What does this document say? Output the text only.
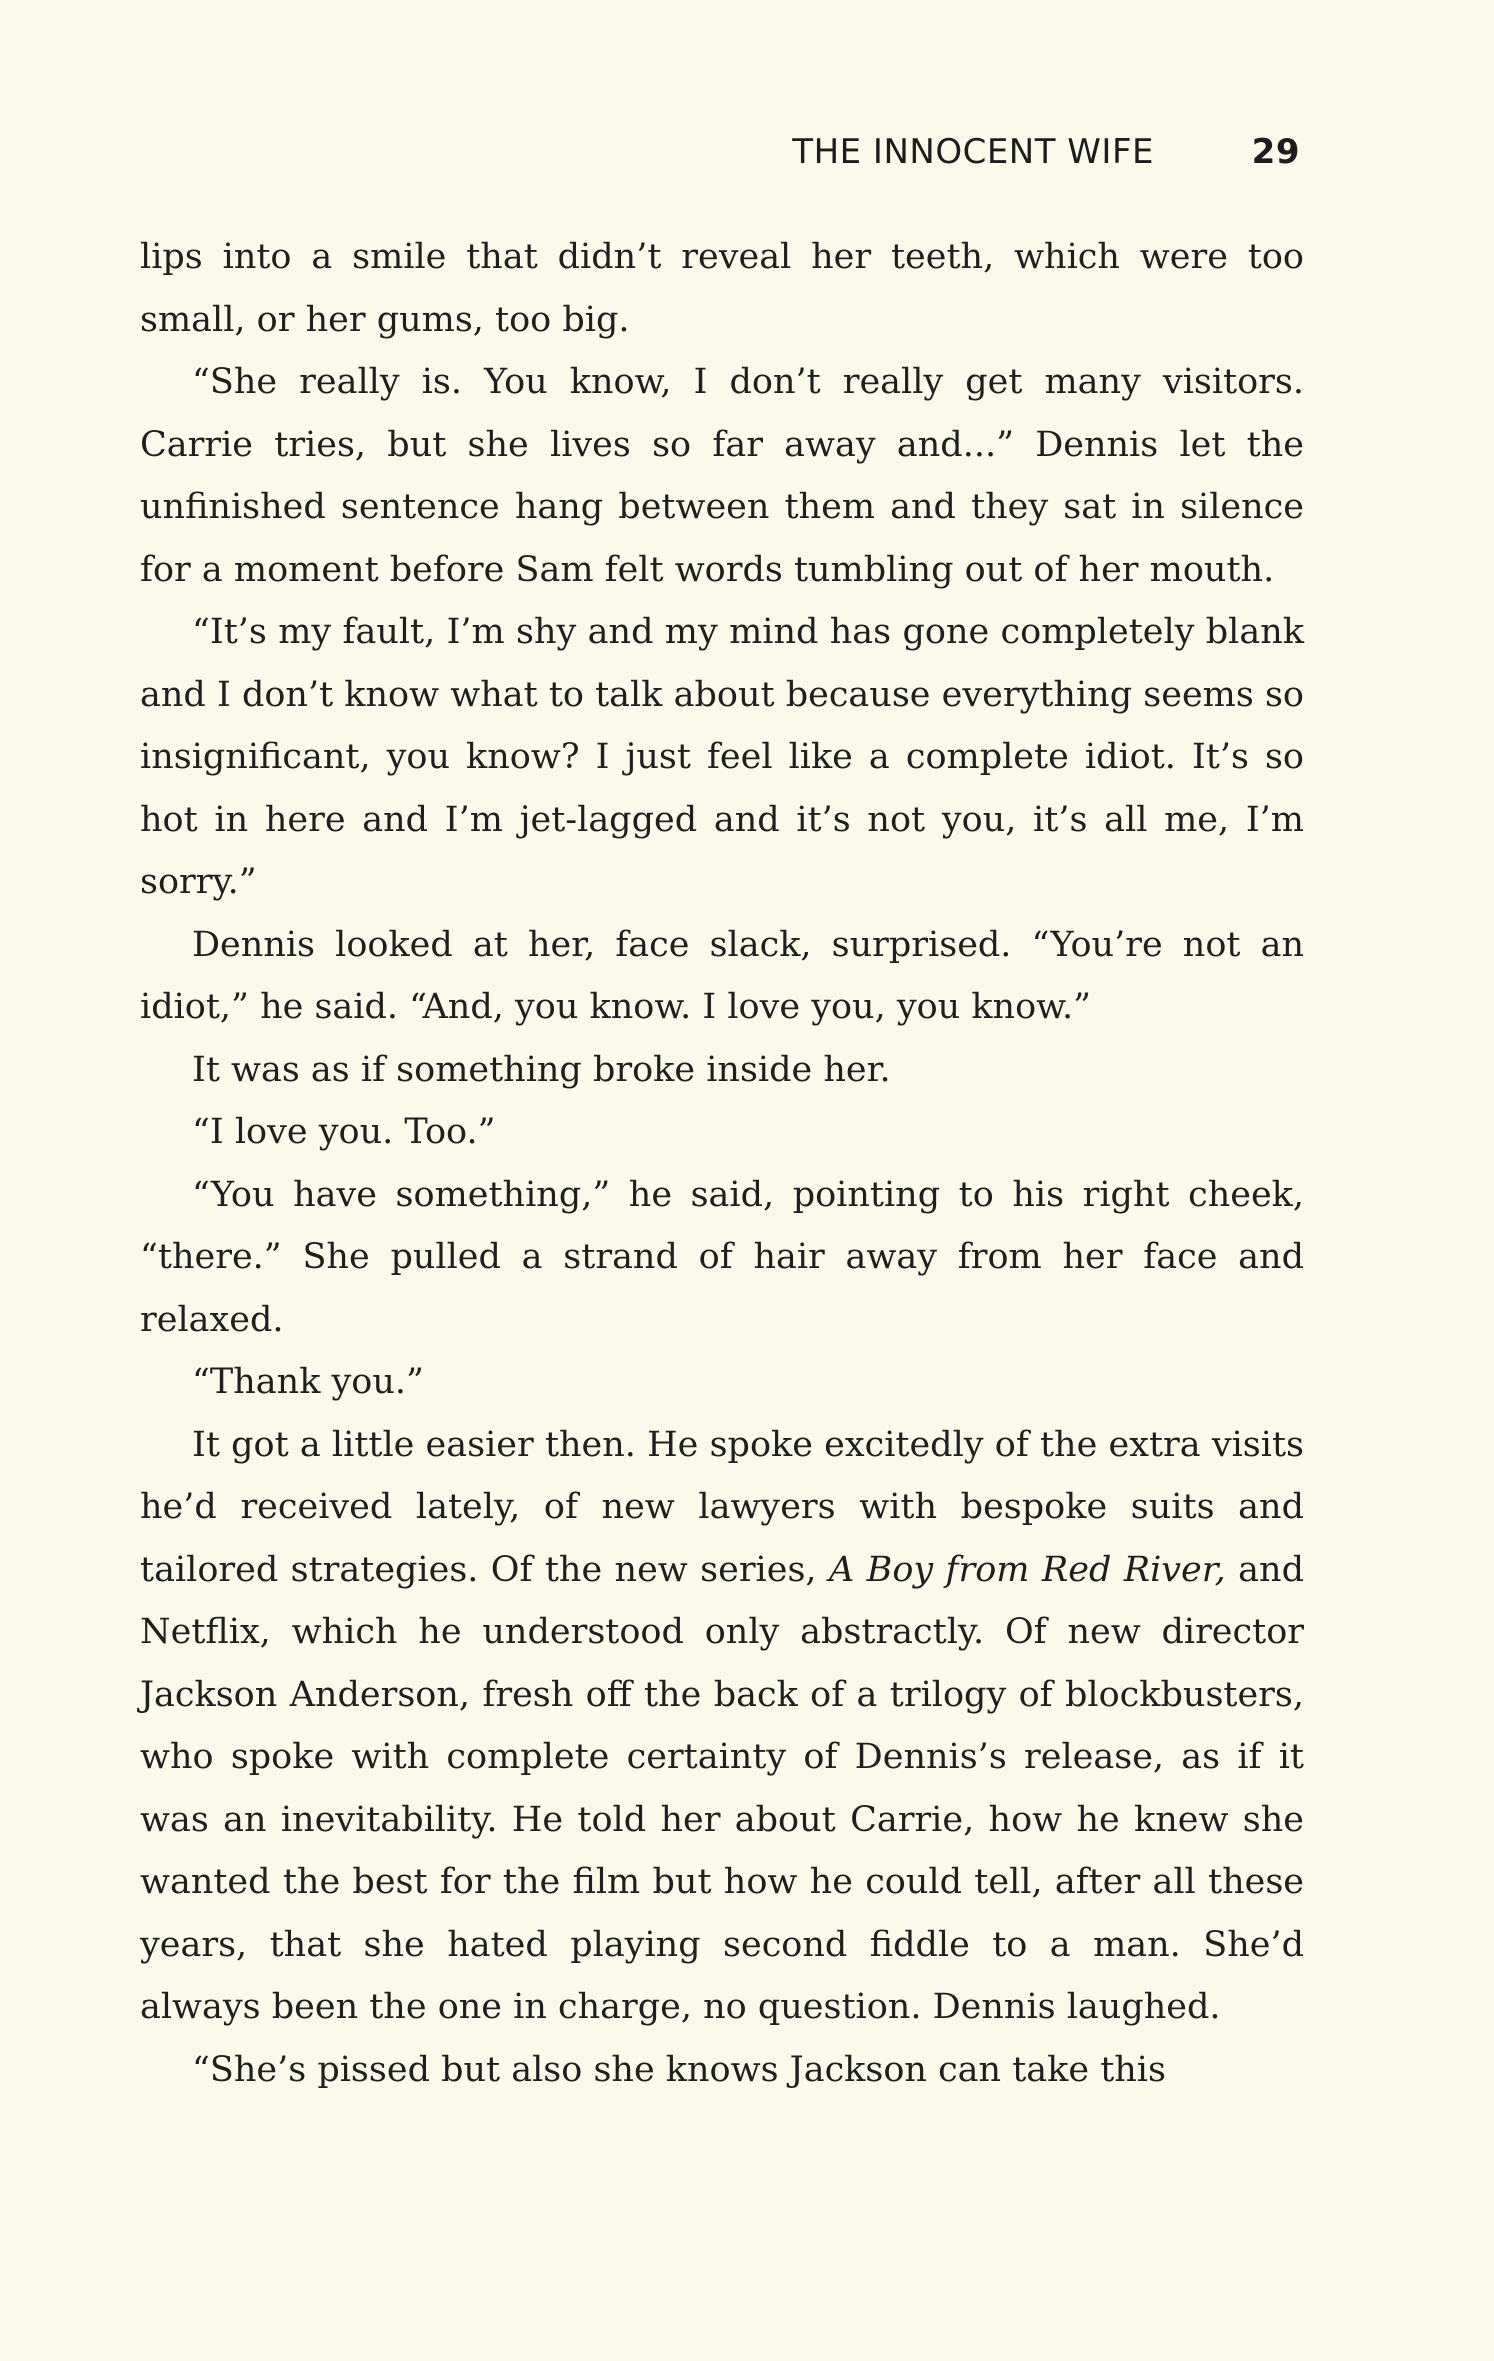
THE INNOCENT WIFE	29

lips into a smile that didn’t reveal her teeth, which were too small, or her gums, too big.

“She really is. You know, I don’t really get many visitors. Carrie tries, but she lives so far away and...” Dennis let the unfinished sentence hang between them and they sat in silence for a moment before Sam felt words tumbling out of her mouth.

“It’s my fault, I’m shy and my mind has gone completely blank and I don’t know what to talk about because everything seems so insignificant, you know? I just feel like a complete idiot. It’s so hot in here and I’m jet-lagged and it’s not you, it’s all me, I’m sorry.”

Dennis looked at her, face slack, surprised. “You’re not an idiot,” he said. “And, you know. I love you, you know.”

It was as if something broke inside her.

“I love you. Too.”

“You have something,” he said, pointing to his right cheek, “there.” She pulled a strand of hair away from her face and relaxed.

“Thank you.”

It got a little easier then. He spoke excitedly of the extra visits he’d received lately, of new lawyers with bespoke suits and tailored strategies. Of the new series, A Boy from Red River, and Netflix, which he understood only abstractly. Of new director Jackson Anderson, fresh off the back of a trilogy of blockbusters, who spoke with complete certainty of Dennis’s release, as if it was an inevitability. He told her about Carrie, how he knew she wanted the best for the film but how he could tell, after all these years, that she hated playing second fiddle to a man. She’d always been the one in charge, no question. Dennis laughed.

“She’s pissed but also she knows Jackson can take this
